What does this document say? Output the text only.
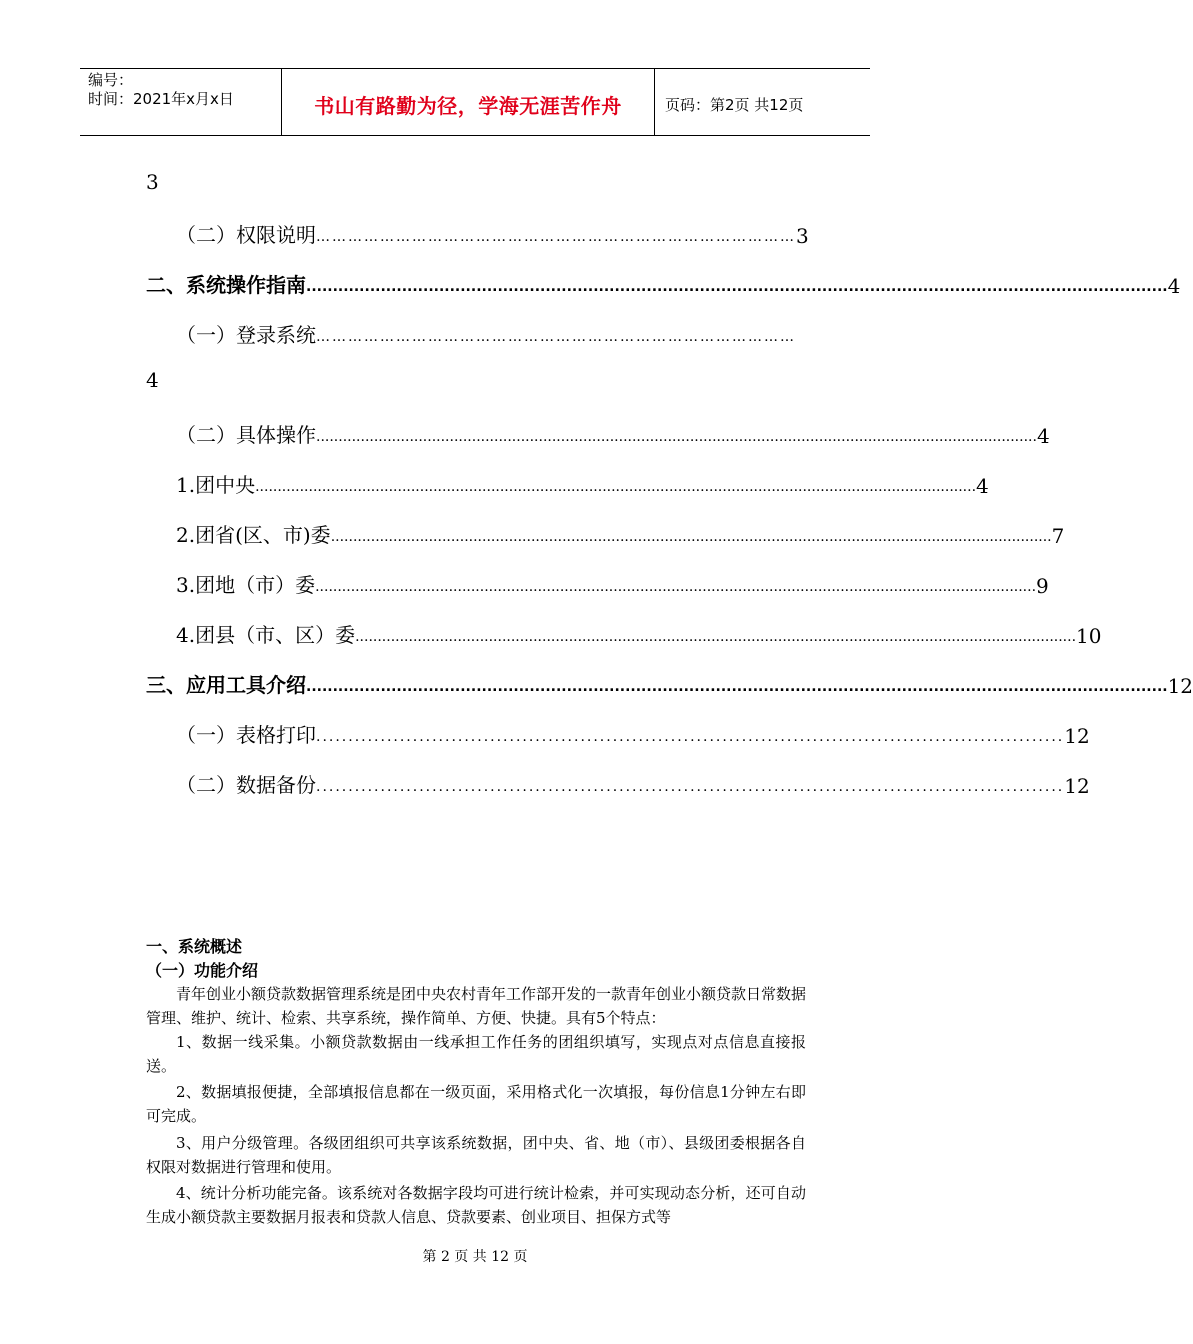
编号：
时间：2021年x月x日	书山有路勤为径，学海无涯苦作舟	页码：第2页 共12页
3
（二）权限说明 ……………………………………………………………………………… 3
二、系统操作指南 .................................................................................................................................................................. 4
（一）登录系统 ………………………………………………………………………………
4
（二）具体操作 .................................................................................................................................................................. 4
1.团中央 .................................................................................................................................................................. 4
2.团省(区、市)委 .................................................................................................................................................................. 7
3.团地（市）委 .................................................................................................................................................................. 9
4.团县（市、区）委 .................................................................................................................................................................. 10
三、应用工具介绍 .................................................................................................................................................................. 12
（一）表格打印 .................................................................................................................... 12
（二）数据备份 .................................................................................................................... 12
一、系统概述
（一）功能介绍
青年创业小额贷款数据管理系统是团中央农村青年工作部开发的一款青年创业小额贷款日常数据管理、维护、统计、检索、共享系统，操作简单、方便、快捷。具有5个特点：
1、数据一线采集。小额贷款数据由一线承担工作任务的团组织填写，实现点对点信息直接报送。
2、数据填报便捷，全部填报信息都在一级页面，采用格式化一次填报，每份信息1分钟左右即可完成。
3、用户分级管理。各级团组织可共享该系统数据，团中央、省、地（市）、县级团委根据各自权限对数据进行管理和使用。
4、统计分析功能完备。该系统对各数据字段均可进行统计检索，并可实现动态分析，还可自动生成小额贷款主要数据月报表和贷款人信息、贷款要素、创业项目、担保方式等
第 2 页 共 12 页
